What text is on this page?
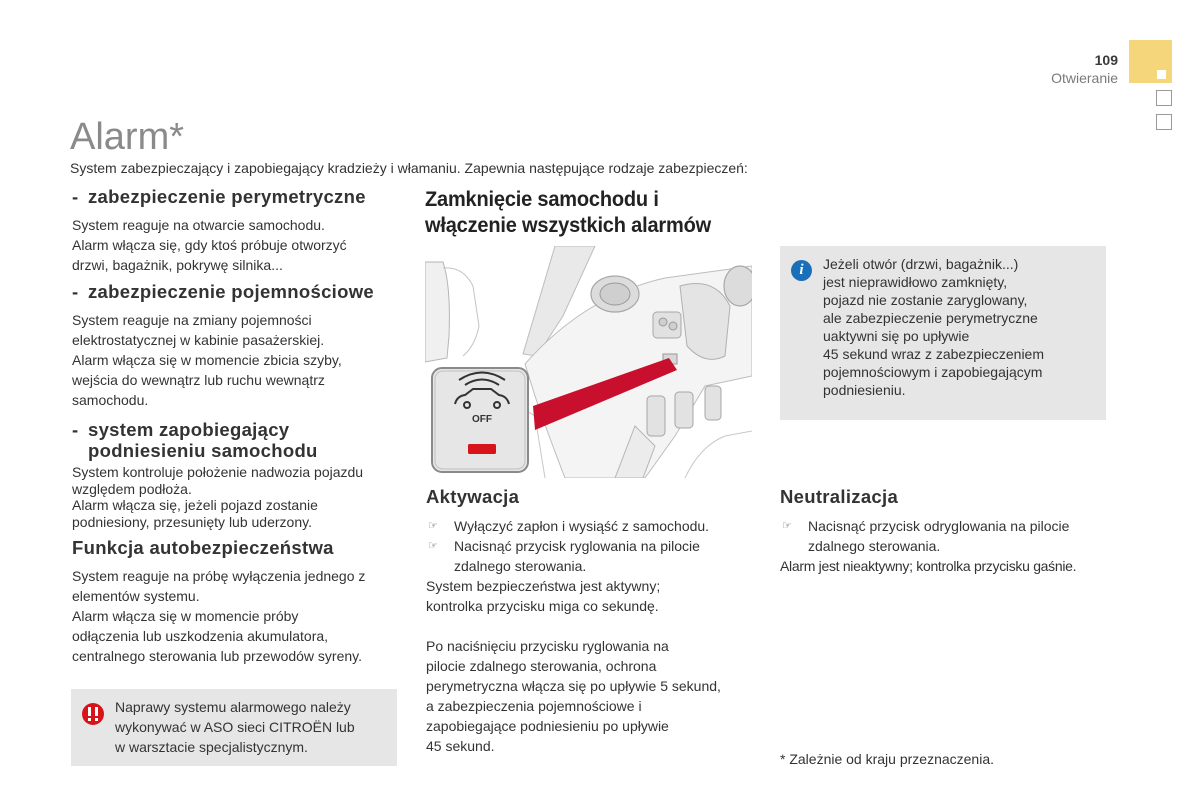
109
Otwieranie
Alarm*
System zabezpieczający i zapobiegający kradzieży i włamaniu. Zapewnia następujące rodzaje zabezpieczeń:
- zabezpieczenie perymetryczne
System reaguje na otwarcie samochodu.
Alarm włącza się, gdy ktoś próbuje otworzyć
drzwi, bagażnik, pokrywę silnika...
- zabezpieczenie pojemnościowe
System reaguje na zmiany pojemności
elektrostatycznej w kabinie pasażerskiej.
Alarm włącza się w momencie zbicia szyby,
wejścia do wewnątrz lub ruchu wewnątrz
samochodu.
- system zapobiegający
podniesieniu samochodu
System kontroluje położenie nadwozia pojazdu
względem podłoża.
Alarm włącza się, jeżeli pojazd zostanie
podniesiony, przesunięty lub uderzony.
Funkcja autobezpieczeństwa
System reaguje na próbę wyłączenia jednego z
elementów systemu.
Alarm włącza się w momencie próby
odłączenia lub uszkodzenia akumulatora,
centralnego sterowania lub przewodów syreny.
Naprawy systemu alarmowego należy
wykonywać w ASO sieci CITROËN lub
w warsztacie specjalistycznym.
Zamknięcie samochodu i
włączenie wszystkich alarmów
OFF
Aktywacja
☞	Wyłączyć zapłon i wysiąść z samochodu.
☞	Nacisnąć przycisk ryglowania na pilocie
zdalnego sterowania.
System bezpieczeństwa jest aktywny;
kontrolka przycisku miga co sekundę.
Po naciśnięciu przycisku ryglowania na
pilocie zdalnego sterowania, ochrona
perymetryczna włącza się po upływie 5 sekund,
a zabezpieczenia pojemnościowe i
zapobiegające podniesieniu po upływie
45 sekund.
i	Jeżeli otwór (drzwi, bagażnik...)
jest nieprawidłowo zamknięty,
pojazd nie zostanie zaryglowany,
ale zabezpieczenie perymetryczne
uaktywni się po upływie
45 sekund wraz z zabezpieczeniem
pojemnościowym i zapobiegającym
podniesieniu.
Neutralizacja
☞	Nacisnąć przycisk odryglowania na pilocie
zdalnego sterowania.
Alarm jest nieaktywny; kontrolka przycisku gaśnie.
* Zależnie od kraju przeznaczenia.
